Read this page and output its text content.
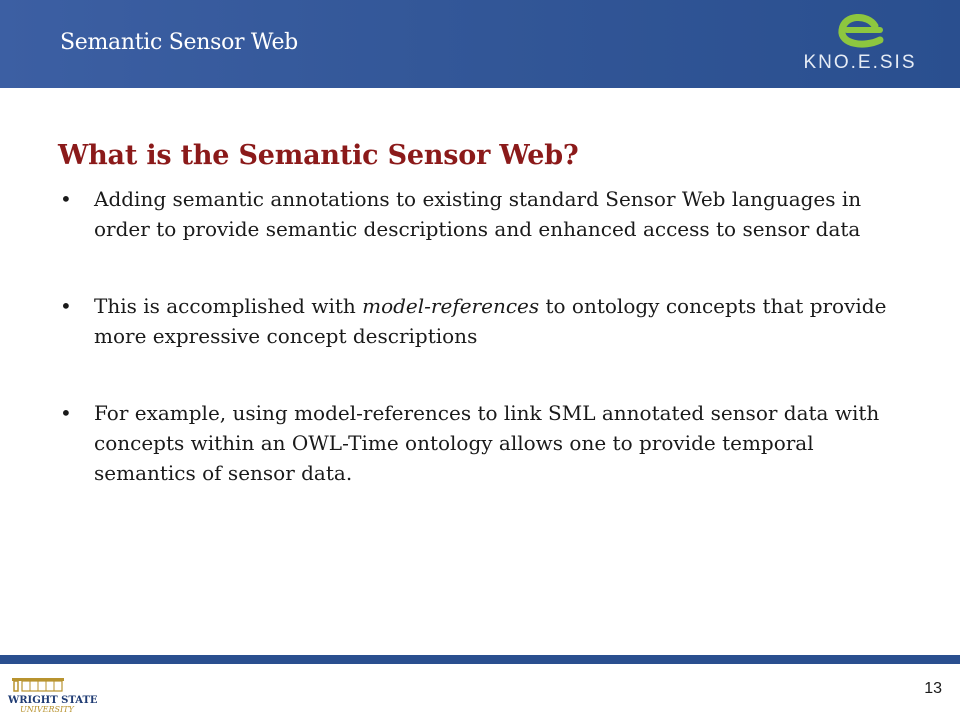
Semantic Sensor Web
KNO.E.SIS
What is the Semantic Sensor Web?
• Adding semantic annotations to existing standard Sensor Web languages in order to provide semantic descriptions and enhanced access to sensor data
• This is accomplished with model-references to ontology concepts that provide more expressive concept descriptions
• For example, using model-references to link SML annotated sensor data with concepts within an OWL-Time ontology allows one to provide temporal semantics of sensor data.
WRIGHT STATE
UNIVERSITY
13
